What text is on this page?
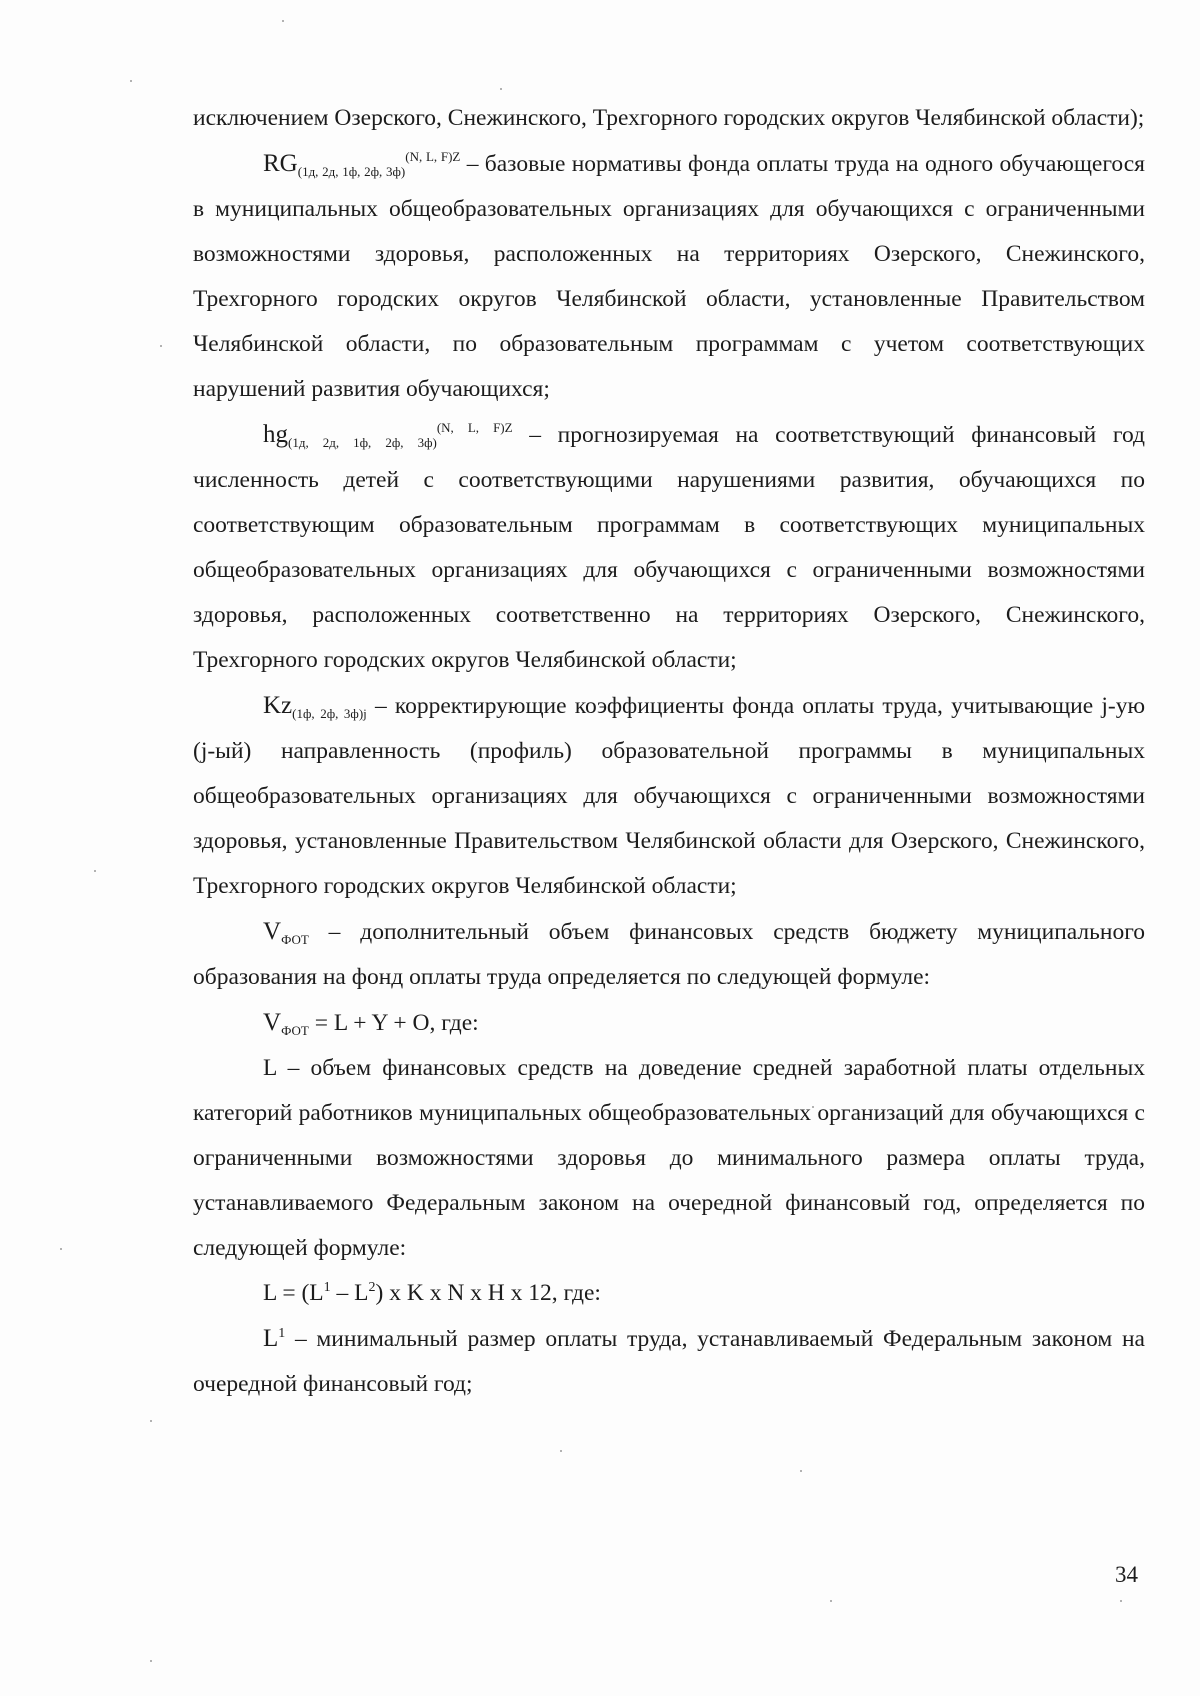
исключением Озерского, Снежинского, Трехгорного городских округов Челябинской области);

$RG_{(1д, 2д, 1ф, 2ф, 3ф)}^{(N, L, F)Z}$ – базовые нормативы фонда оплаты труда на одного обучающегося в муниципальных общеобразовательных организациях для обучающихся с ограниченными возможностями здоровья, расположенных на территориях Озерского, Снежинского, Трехгорного городских округов Челябинской области, установленные Правительством Челябинской области, по образовательным программам с учетом соответствующих нарушений развития обучающихся;

$hg_{(1д, 2д, 1ф, 2ф, 3ф)}^{(N, L, F)Z}$ – прогнозируемая на соответствующий финансовый год численность детей с соответствующими нарушениями развития, обучающихся по соответствующим образовательным программам в соответствующих муниципальных общеобразовательных организациях для обучающихся с ограниченными возможностями здоровья, расположенных соответственно на территориях Озерского, Снежинского, Трехгорного городских округов Челябинской области;

$Kz_{(1ф, 2ф, 3ф)j}$ – корректирующие коэффициенты фонда оплаты труда, учитывающие j-ую (j-ый) направленность (профиль) образовательной программы в муниципальных общеобразовательных организациях для обучающихся с ограниченными возможностями здоровья, установленные Правительством Челябинской области для Озерского, Снежинского, Трехгорного городских округов Челябинской области;

$V_{ФОТ}$ – дополнительный объем финансовых средств бюджету муниципального образования на фонд оплаты труда определяется по следующей формуле:

$V_{ФОТ} = L + Y + O$, где:

L – объем финансовых средств на доведение средней заработной платы отдельных категорий работников муниципальных общеобразовательных организаций для обучающихся с ограниченными возможностями здоровья до минимального размера оплаты труда, устанавливаемого Федеральным законом на очередной финансовый год, определяется по следующей формуле:

$L = (L^1 - L^2)$ x K x N x H x 12, где:

$L^1$ – минимальный размер оплаты труда, устанавливаемый Федеральным законом на очередной финансовый год;

34
